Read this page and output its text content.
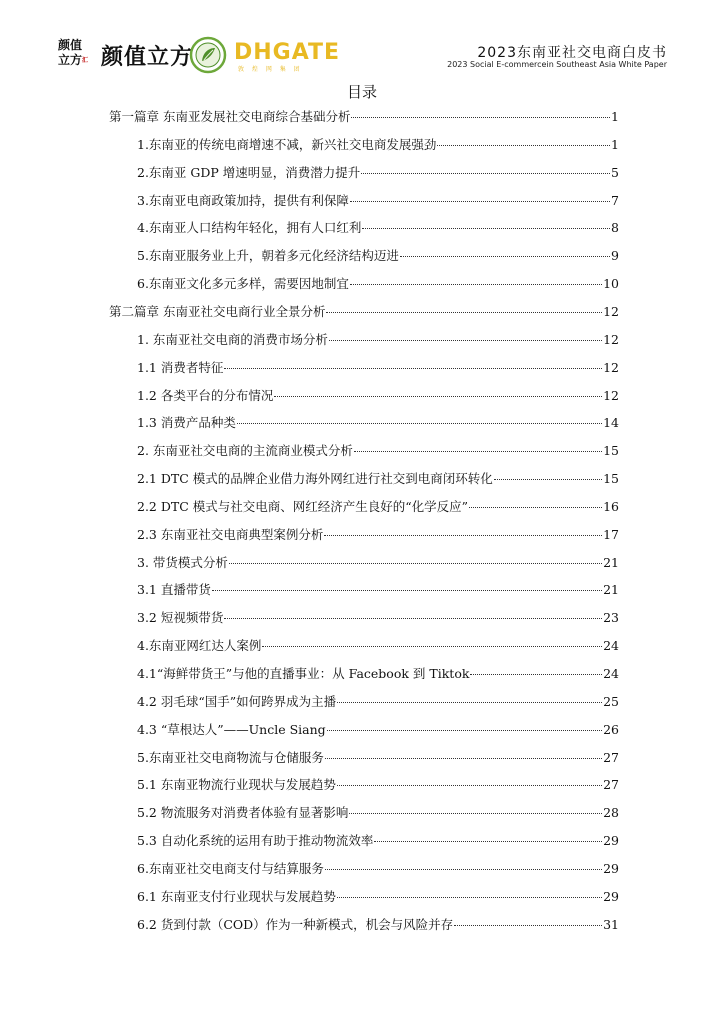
颜值
立方$^汇$ 颜值立方 DHGATE
敦 煌 网 集 团
2023东南亚社交电商白皮书
2023 Social E-commercein Southeast Asia White Paper
目录
第一篇章 东南亚发展社交电商综合基础分析	1
1.东南亚的传统电商增速不减，新兴社交电商发展强劲	1
2.东南亚 GDP 增速明显，消费潜力提升	5
3.东南亚电商政策加持，提供有利保障	7
4.东南亚人口结构年轻化，拥有人口红利	8
5.东南亚服务业上升，朝着多元化经济结构迈进	9
6.东南亚文化多元多样，需要因地制宜	10
第二篇章 东南亚社交电商行业全景分析	12
1. 东南亚社交电商的消费市场分析	12
1.1 消费者特征	12
1.2 各类平台的分布情况	12
1.3 消费产品种类	14
2. 东南亚社交电商的主流商业模式分析	15
2.1 DTC 模式的品牌企业借力海外网红进行社交到电商闭环转化	15
2.2 DTC 模式与社交电商、网红经济产生良好的“化学反应”	16
2.3 东南亚社交电商典型案例分析	17
3. 带货模式分析	21
3.1 直播带货	21
3.2 短视频带货	23
4.东南亚网红达人案例	24
4.1“海鲜带货王”与他的直播事业：从 Facebook 到 Tiktok	24
4.2 羽毛球“国手”如何跨界成为主播	25
4.3 “草根达人”——Uncle Siang	26
5.东南亚社交电商物流与仓储服务	27
5.1 东南亚物流行业现状与发展趋势	27
5.2 物流服务对消费者体验有显著影响	28
5.3 自动化系统的运用有助于推动物流效率	29
6.东南亚社交电商支付与结算服务	29
6.1 东南亚支付行业现状与发展趋势	29
6.2 货到付款（COD）作为一种新模式，机会与风险并存	31
